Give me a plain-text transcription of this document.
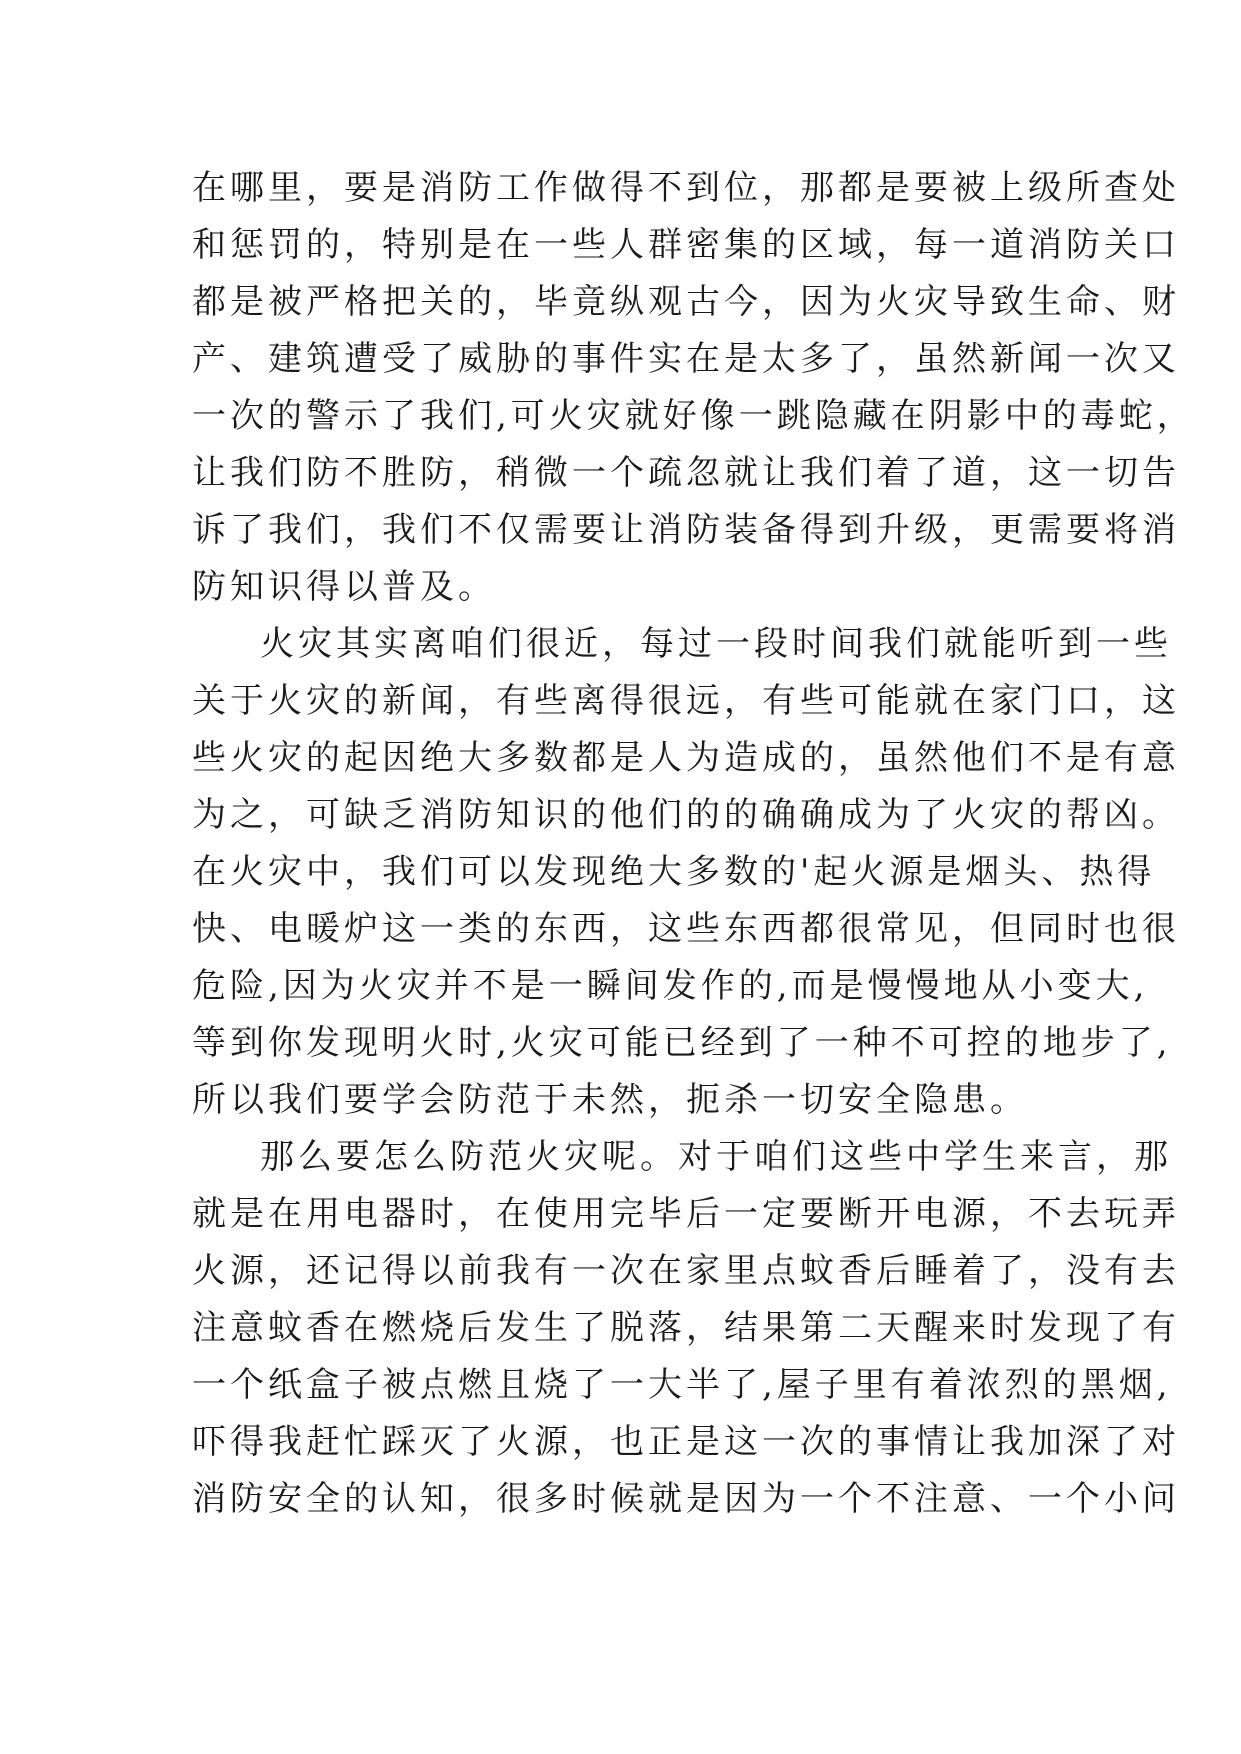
在哪里，要是消防工作做得不到位，那都是要被上级所查处
和惩罚的，特别是在一些人群密集的区域，每一道消防关口
都是被严格把关的，毕竟纵观古今，因为火灾导致生命、财
产、建筑遭受了威胁的事件实在是太多了，虽然新闻一次又
一次的警示了我们,可火灾就好像一跳隐藏在阴影中的毒蛇，
让我们防不胜防，稍微一个疏忽就让我们着了道，这一切告
诉了我们，我们不仅需要让消防装备得到升级，更需要将消
防知识得以普及。
火灾其实离咱们很近，每过一段时间我们就能听到一些
关于火灾的新闻，有些离得很远，有些可能就在家门口，这
些火灾的起因绝大多数都是人为造成的，虽然他们不是有意
为之，可缺乏消防知识的他们的的确确成为了火灾的帮凶。
在火灾中，我们可以发现绝大多数的'起火源是烟头、热得
快、电暖炉这一类的东西，这些东西都很常见，但同时也很
危险,因为火灾并不是一瞬间发作的,而是慢慢地从小变大,
等到你发现明火时,火灾可能已经到了一种不可控的地步了,
所以我们要学会防范于未然，扼杀一切安全隐患。
那么要怎么防范火灾呢。对于咱们这些中学生来言，那
就是在用电器时，在使用完毕后一定要断开电源，不去玩弄
火源，还记得以前我有一次在家里点蚊香后睡着了，没有去
注意蚊香在燃烧后发生了脱落，结果第二天醒来时发现了有
一个纸盒子被点燃且烧了一大半了,屋子里有着浓烈的黑烟,
吓得我赶忙踩灭了火源，也正是这一次的事情让我加深了对
消防安全的认知，很多时候就是因为一个不注意、一个小问
